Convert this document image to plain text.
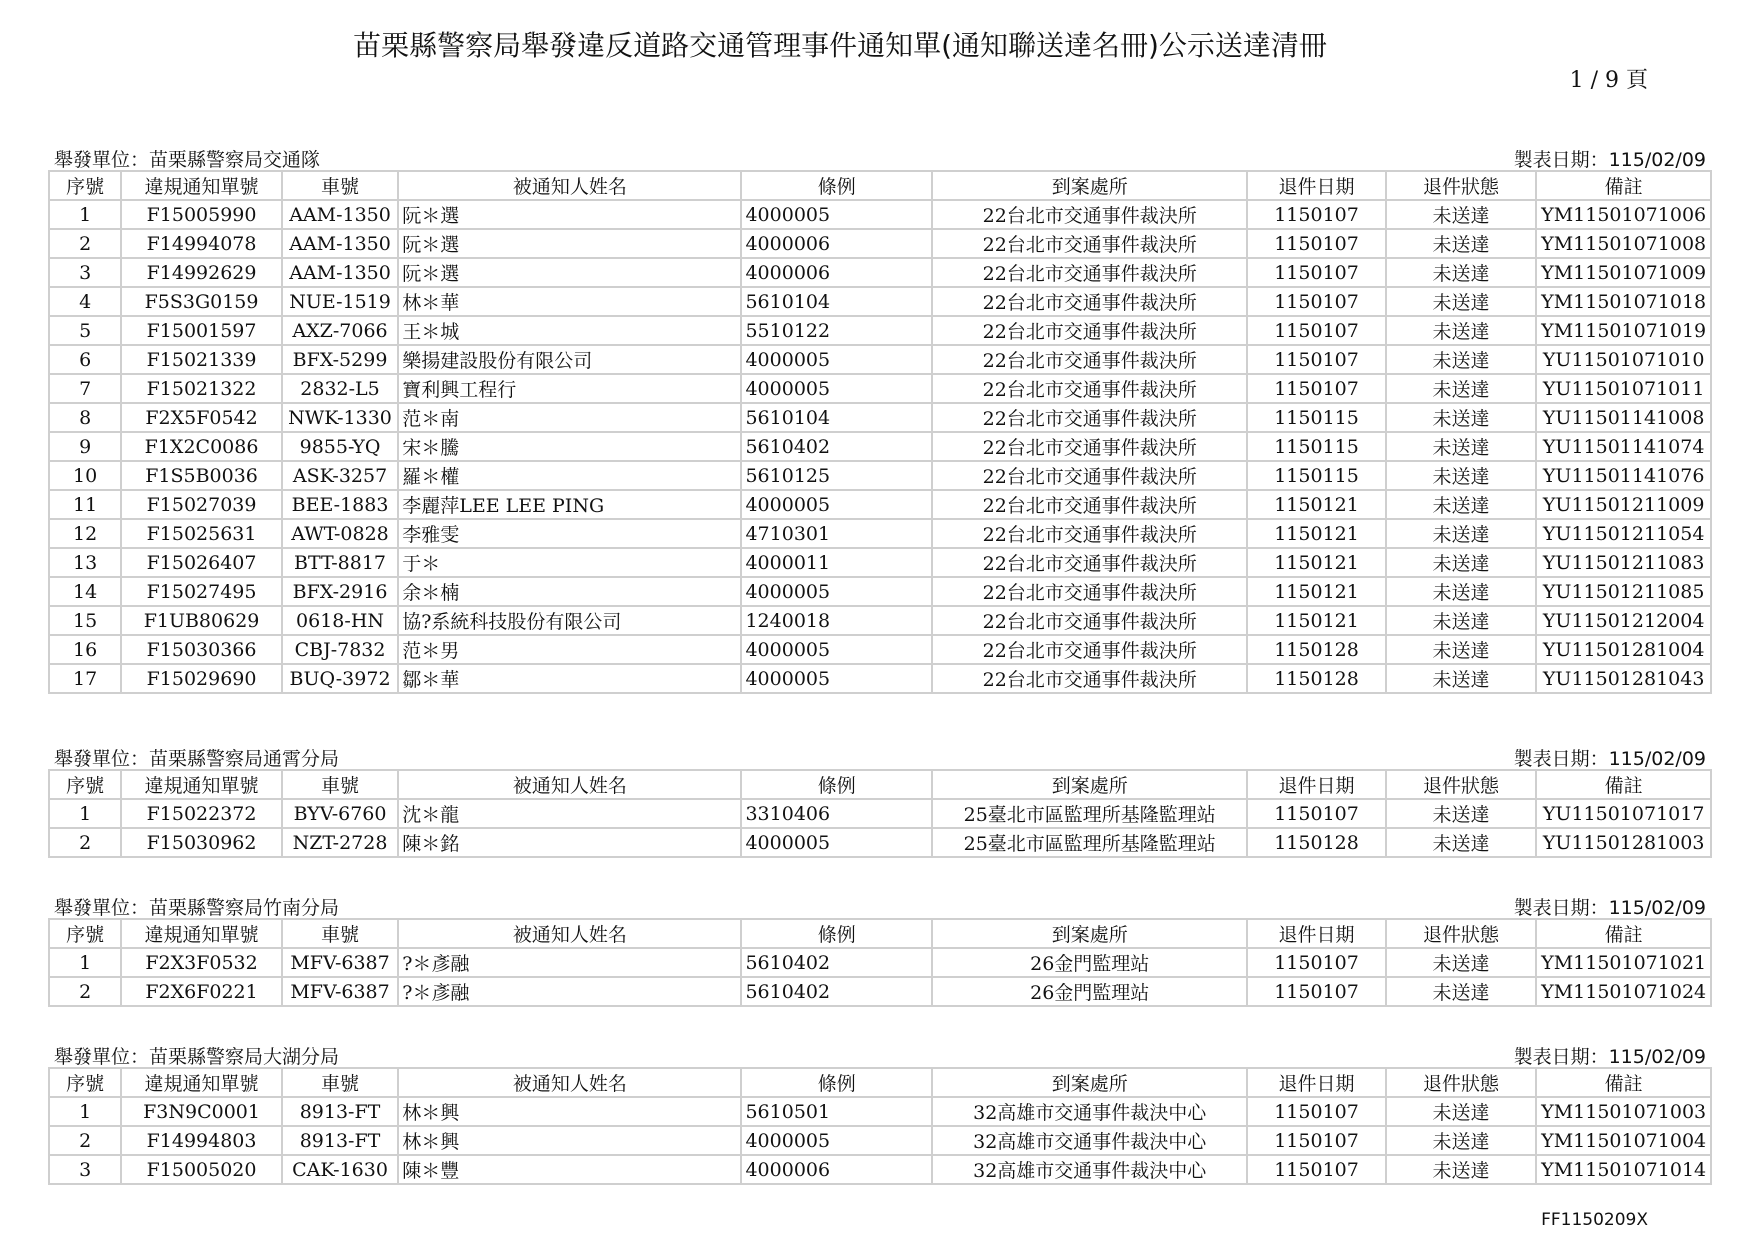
苗栗縣警察局舉發違反道路交通管理事件通知單(通知聯送達名冊)公示送達清冊
1 / 9 頁
舉發單位：苗栗縣警察局交通隊	製表日期：115/02/09
序號	違規通知單號	車號	被通知人姓名	條例	到案處所	退件日期	退件狀態	備註
1	F15005990	AAM-1350	阮＊選	4000005	22台北市交通事件裁決所	1150107	未送達	YM11501071006
2	F14994078	AAM-1350	阮＊選	4000006	22台北市交通事件裁決所	1150107	未送達	YM11501071008
3	F14992629	AAM-1350	阮＊選	4000006	22台北市交通事件裁決所	1150107	未送達	YM11501071009
4	F5S3G0159	NUE-1519	林＊華	5610104	22台北市交通事件裁決所	1150107	未送達	YM11501071018
5	F15001597	AXZ-7066	王＊城	5510122	22台北市交通事件裁決所	1150107	未送達	YM11501071019
6	F15021339	BFX-5299	樂揚建設股份有限公司	4000005	22台北市交通事件裁決所	1150107	未送達	YU11501071010
7	F15021322	2832-L5	寶利興工程行	4000005	22台北市交通事件裁決所	1150107	未送達	YU11501071011
8	F2X5F0542	NWK-1330	范＊南	5610104	22台北市交通事件裁決所	1150115	未送達	YU11501141008
9	F1X2C0086	9855-YQ	宋＊騰	5610402	22台北市交通事件裁決所	1150115	未送達	YU11501141074
10	F1S5B0036	ASK-3257	羅＊權	5610125	22台北市交通事件裁決所	1150115	未送達	YU11501141076
11	F15027039	BEE-1883	李麗萍LEE LEE PING	4000005	22台北市交通事件裁決所	1150121	未送達	YU11501211009
12	F15025631	AWT-0828	李雅雯	4710301	22台北市交通事件裁決所	1150121	未送達	YU11501211054
13	F15026407	BTT-8817	于＊	4000011	22台北市交通事件裁決所	1150121	未送達	YU11501211083
14	F15027495	BFX-2916	余＊楠	4000005	22台北市交通事件裁決所	1150121	未送達	YU11501211085
15	F1UB80629	0618-HN	協?系統科技股份有限公司	1240018	22台北市交通事件裁決所	1150121	未送達	YU11501212004
16	F15030366	CBJ-7832	范＊男	4000005	22台北市交通事件裁決所	1150128	未送達	YU11501281004
17	F15029690	BUQ-3972	鄒＊華	4000005	22台北市交通事件裁決所	1150128	未送達	YU11501281043
舉發單位：苗栗縣警察局通霄分局	製表日期：115/02/09
序號	違規通知單號	車號	被通知人姓名	條例	到案處所	退件日期	退件狀態	備註
1	F15022372	BYV-6760	沈＊龍	3310406	25臺北市區監理所基隆監理站	1150107	未送達	YU11501071017
2	F15030962	NZT-2728	陳＊銘	4000005	25臺北市區監理所基隆監理站	1150128	未送達	YU11501281003
舉發單位：苗栗縣警察局竹南分局	製表日期：115/02/09
序號	違規通知單號	車號	被通知人姓名	條例	到案處所	退件日期	退件狀態	備註
1	F2X3F0532	MFV-6387	?＊彥融	5610402	26金門監理站	1150107	未送達	YM11501071021
2	F2X6F0221	MFV-6387	?＊彥融	5610402	26金門監理站	1150107	未送達	YM11501071024
舉發單位：苗栗縣警察局大湖分局	製表日期：115/02/09
序號	違規通知單號	車號	被通知人姓名	條例	到案處所	退件日期	退件狀態	備註
1	F3N9C0001	8913-FT	林＊興	5610501	32高雄市交通事件裁決中心	1150107	未送達	YM11501071003
2	F14994803	8913-FT	林＊興	4000005	32高雄市交通事件裁決中心	1150107	未送達	YM11501071004
3	F15005020	CAK-1630	陳＊豐	4000006	32高雄市交通事件裁決中心	1150107	未送達	YM11501071014
FF1150209X
